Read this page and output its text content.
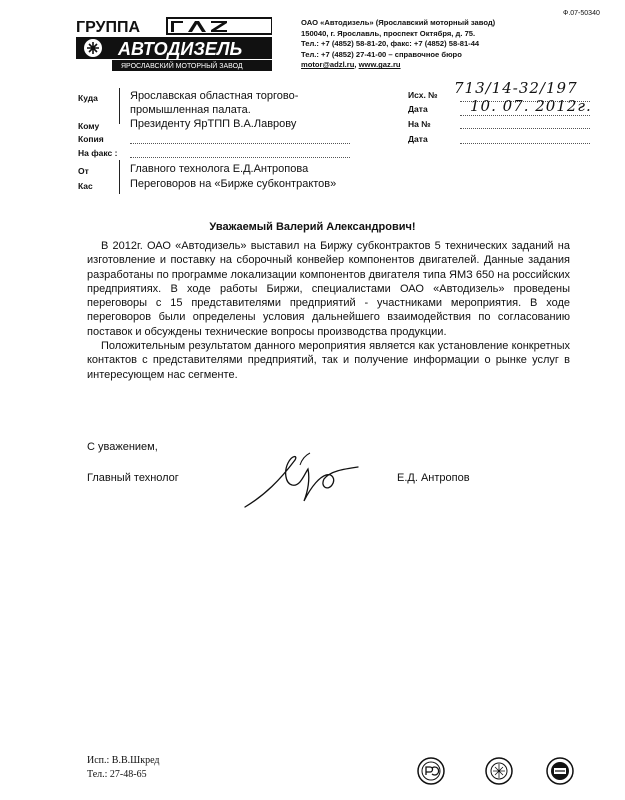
Ф.07-50340
ГРУППА
АВТОДИЗЕЛЬ
ЯРОСЛАВСКИЙ МОТОРНЫЙ ЗАВОД
ОАО «Автодизель» (Ярославский моторный завод)
150040, г. Ярославль, проспект Октября, д. 75.
Тел.: +7 (4852) 58-81-20, факс: +7 (4852) 58-81-44
Тел.: +7 (4852) 27-41-00 – справочное бюро
motor@adzl.ru, www.gaz.ru
Куда	Ярославская областная торгово-
промышленная палата.
Кому	Президенту ЯрТПП В.А.Лаврову
Копия
На факс :
От	Главного технолога Е.Д.Антропова
Кас	Переговоров на «Бирже субконтрактов»
Исх. № 713/14-32/197
Дата	10. 07. 2012г.
На №
Дата
Уважаемый Валерий Александрович!

В 2012г. ОАО «Автодизель» выставил на Биржу субконтрактов 5 технических заданий на изготовление и поставку на сборочный конвейер компонентов двигателей. Данные задания разработаны по программе локализации компонентов двигателя типа ЯМЗ 650 на российских предприятиях. В ходе работы Биржи, специалистами ОАО «Автодизель» проведены переговоры с 15 представителями предприятий - участниками мероприятия. В ходе переговоров были определены условия дальнейшего взаимодействия по согласованию поставок и обсуждены технические вопросы производства продукции.

Положительным результатом данного мероприятия является как установление конкретных контактов с представителями предприятий, так и получение информации о рынке услуг в интересующем нас сегменте.

С уважением,
Главный технолог	Е.Д. Антропов
Исп.: В.В.Шкред
Тел.: 27-48-65
